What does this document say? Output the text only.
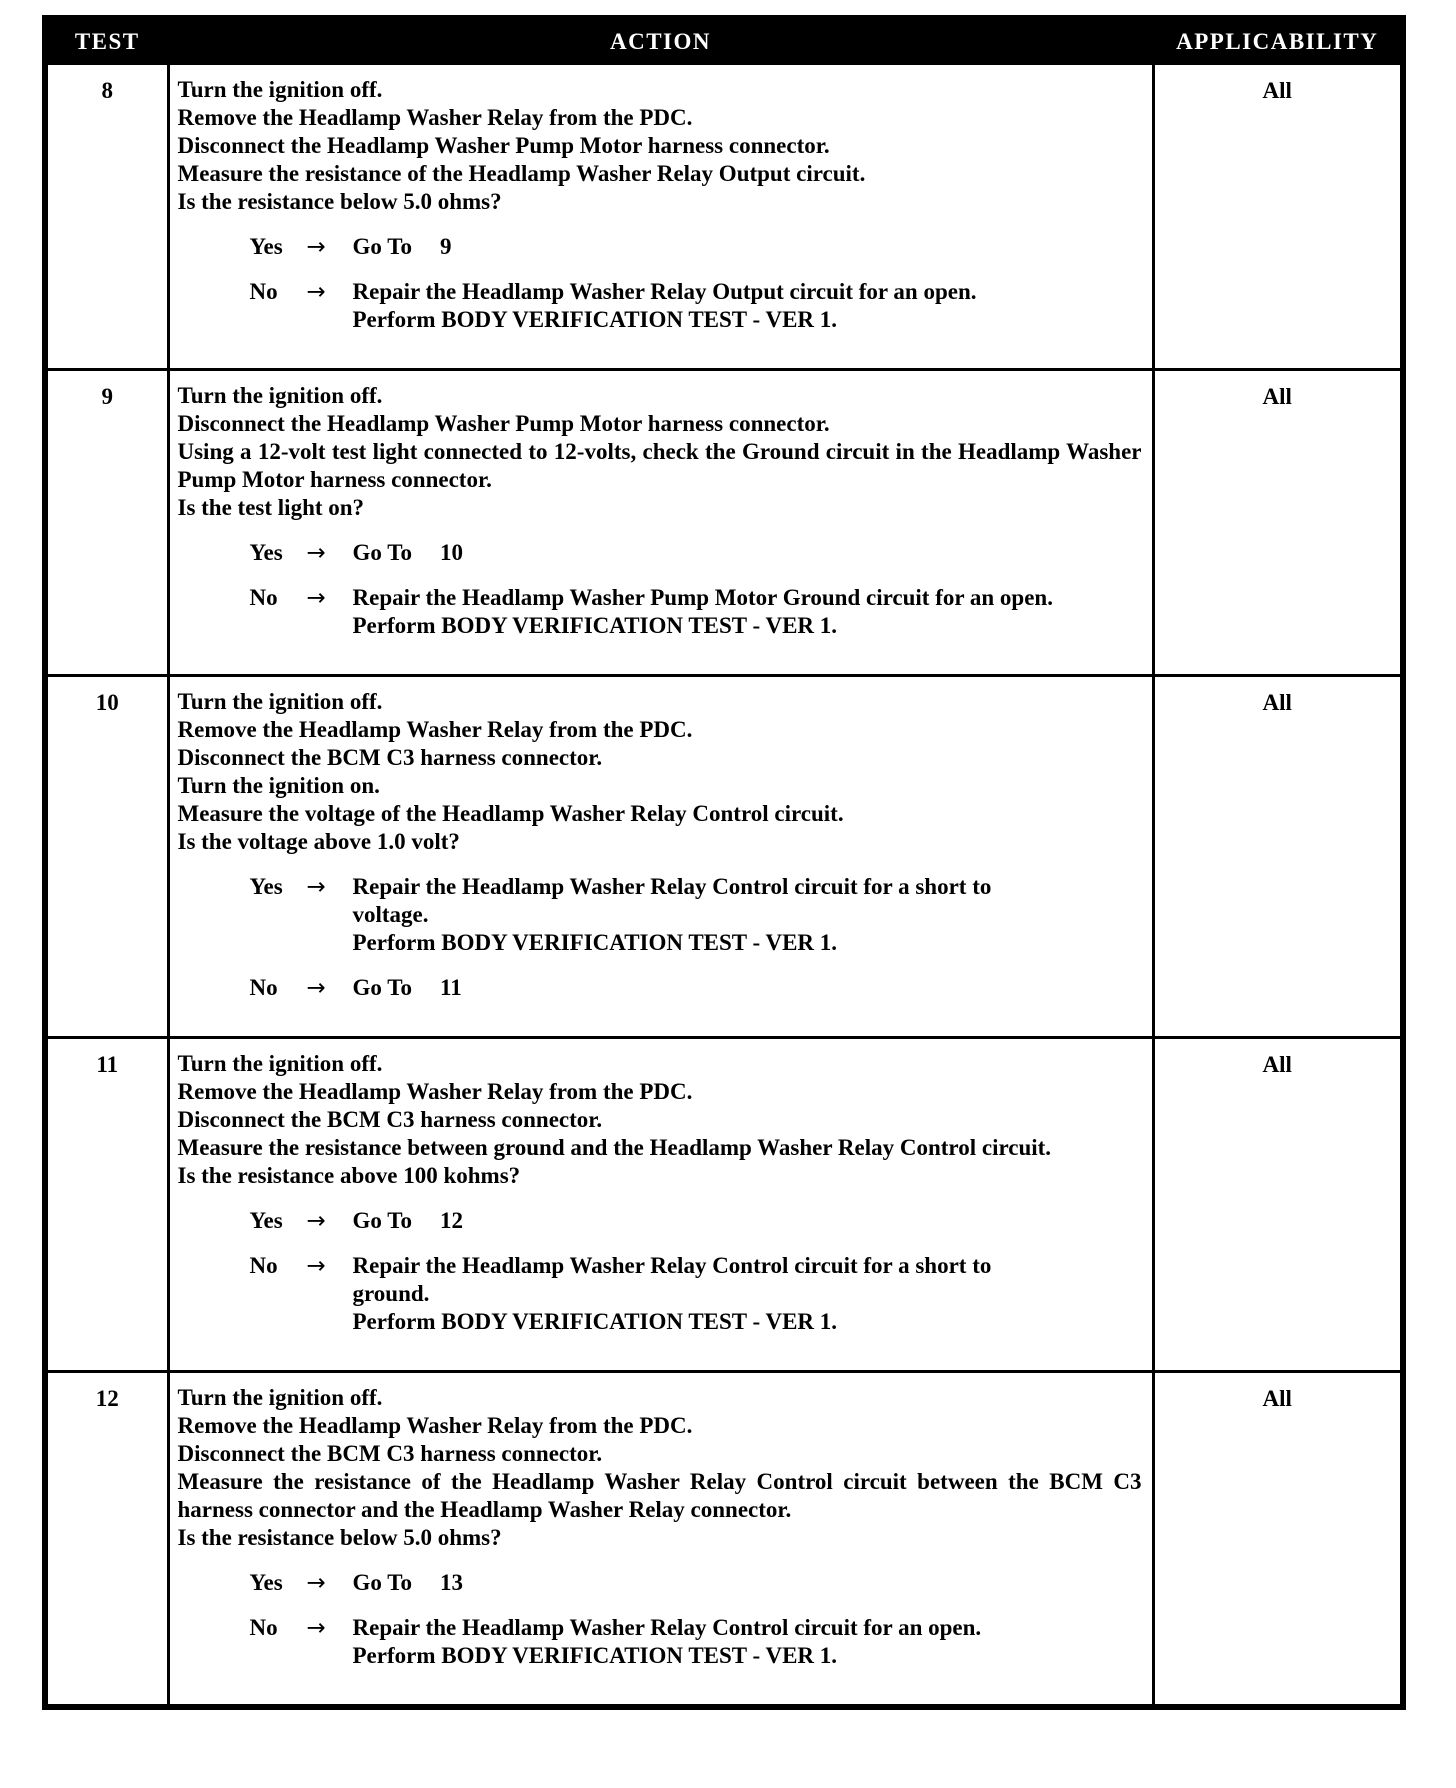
TEST	ACTION	APPLICABILITY
8	Turn the ignition off.
Remove the Headlamp Washer Relay from the PDC.
Disconnect the Headlamp Washer Pump Motor harness connector.
Measure the resistance of the Headlamp Washer Relay Output circuit.
Is the resistance below 5.0 ohms?
Yes	→	Go To 9
No	→	Repair the Headlamp Washer Relay Output circuit for an open.
Perform BODY VERIFICATION TEST - VER 1.
	All
9	Turn the ignition off.
Disconnect the Headlamp Washer Pump Motor harness connector.
Using a 12-volt test light connected to 12-volts, check the Ground circuit in the Headlamp Washer Pump Motor harness connector.
Is the test light on?
Yes	→	Go To 10
No	→	Repair the Headlamp Washer Pump Motor Ground circuit for an open.
Perform BODY VERIFICATION TEST - VER 1.
	All
10	Turn the ignition off.
Remove the Headlamp Washer Relay from the PDC.
Disconnect the BCM C3 harness connector.
Turn the ignition on.
Measure the voltage of the Headlamp Washer Relay Control circuit.
Is the voltage above 1.0 volt?
Yes	→	Repair the Headlamp Washer Relay Control circuit for a short to voltage.
Perform BODY VERIFICATION TEST - VER 1.
No	→	Go To 11
	All
11	Turn the ignition off.
Remove the Headlamp Washer Relay from the PDC.
Disconnect the BCM C3 harness connector.
Measure the resistance between ground and the Headlamp Washer Relay Control circuit.
Is the resistance above 100 kohms?
Yes	→	Go To 12
No	→	Repair the Headlamp Washer Relay Control circuit for a short to ground.
Perform BODY VERIFICATION TEST - VER 1.
	All
12	Turn the ignition off.
Remove the Headlamp Washer Relay from the PDC.
Disconnect the BCM C3 harness connector.
Measure the resistance of the Headlamp Washer Relay Control circuit between the BCM C3 harness connector and the Headlamp Washer Relay connector.
Is the resistance below 5.0 ohms?
Yes	→	Go To 13
No	→	Repair the Headlamp Washer Relay Control circuit for an open.
Perform BODY VERIFICATION TEST - VER 1.
	All
